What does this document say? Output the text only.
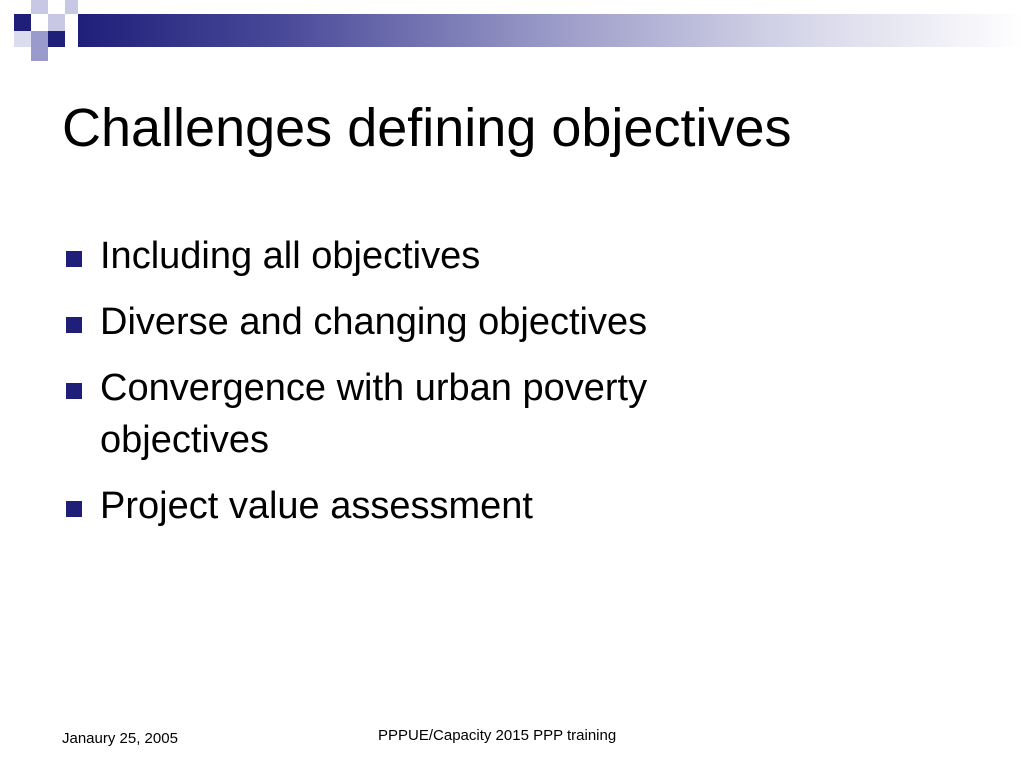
Challenges defining objectives
Including all objectives
Diverse and changing objectives
Convergence with urban poverty objectives
Project value assessment
Janaury 25, 2005	PPPUE/Capacity 2015 PPP training
